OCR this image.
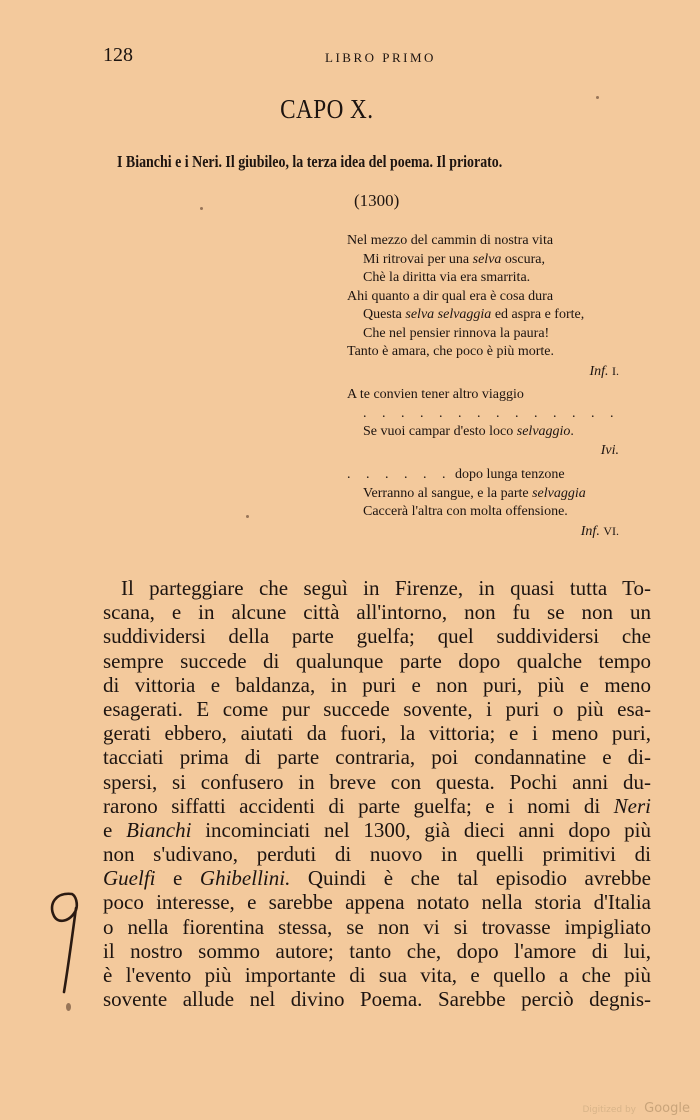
128	LIBRO PRIMO
CAPO X.
I Bianchi e i Neri. Il giubileo, la terza idea del poema. Il priorato.
(1300)
Nel mezzo del cammin di nostra vita
Mi ritrovai per una selva oscura,
Chè la diritta via era smarrita.
Ahi quanto a dir qual era è cosa dura
Questa selva selvaggia ed aspra e forte,
Che nel pensier rinnova la paura!
Tanto è amara, che poco è più morte.
Inf. I.
A te convien tener altro viaggio
. . . . . . . . . . . . . .
Se vuoi campar d'esto loco selvaggio.
Ivi.
. . . . . . dopo lunga tenzone
Verranno al sangue, e la parte selvaggia
Caccerà l'altra con molta offensione.
Inf. VI.
Il parteggiare che seguì in Firenze, in quasi tutta To-
scana, e in alcune città all'intorno, non fu se non un
suddividersi della parte guelfa; quel suddividersi che
sempre succede di qualunque parte dopo qualche tempo
di vittoria e baldanza, in puri e non puri, più e meno
esagerati. E come pur succede sovente, i puri o più esa-
gerati ebbero, aiutati da fuori, la vittoria; e i meno puri,
tacciati prima di parte contraria, poi condannatine e di-
spersi, si confusero in breve con questa. Pochi anni du-
rarono siffatti accidenti di parte guelfa; e i nomi di Neri
e Bianchi incominciati nel 1300, già dieci anni dopo più
non s'udivano, perduti di nuovo in quelli primitivi di
Guelfi e Ghibellini. Quindi è che tal episodio avrebbe
poco interesse, e sarebbe appena notato nella storia d'Italia
o nella fiorentina stessa, se non vi si trovasse impigliato
il nostro sommo autore; tanto che, dopo l'amore di lui,
è l'evento più importante di sua vita, e quello a che più
sovente allude nel divino Poema. Sarebbe perciò degnis-
Digitized by Google
